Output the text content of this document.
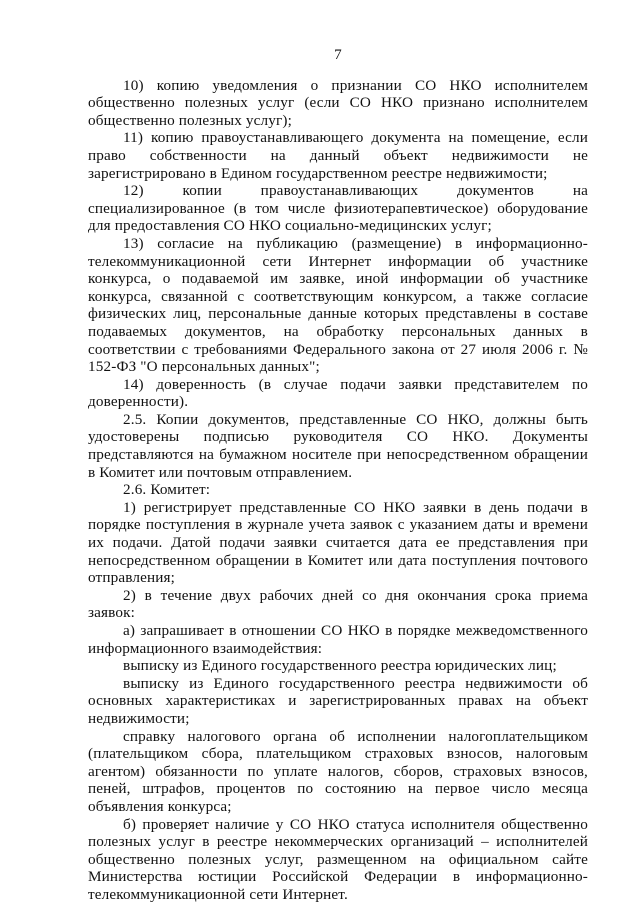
7

10) копию уведомления о признании СО НКО исполнителем общественно полезных услуг (если СО НКО признано исполнителем общественно полезных услуг);

11) копию правоустанавливающего документа на помещение, если право собственности на данный объект недвижимости не зарегистрировано в Едином государственном реестре недвижимости;

12) копии правоустанавливающих документов на специализированное (в том числе физиотерапевтическое) оборудование для предоставления СО НКО социально-медицинских услуг;

13) согласие на публикацию (размещение) в информационно-телекоммуникационной сети Интернет информации об участнике конкурса, о подаваемой им заявке, иной информации об участнике конкурса, связанной с соответствующим конкурсом, а также согласие физических лиц, персональные данные которых представлены в составе подаваемых документов, на обработку персональных данных в соответствии с требованиями Федерального закона от 27 июля 2006 г. № 152-ФЗ "О персональных данных";

14) доверенность (в случае подачи заявки представителем по доверенности).

2.5. Копии документов, представленные СО НКО, должны быть удостоверены подписью руководителя СО НКО. Документы представляются на бумажном носителе при непосредственном обращении в Комитет или почтовым отправлением.

2.6. Комитет:

1) регистрирует представленные СО НКО заявки в день подачи в порядке поступления в журнале учета заявок с указанием даты и времени их подачи. Датой подачи заявки считается дата ее представления при непосредственном обращении в Комитет или дата поступления почтового отправления;

2) в течение двух рабочих дней со дня окончания срока приема заявок:

а) запрашивает в отношении СО НКО в порядке межведомственного информационного взаимодействия:

выписку из Единого государственного реестра юридических лиц;

выписку из Единого государственного реестра недвижимости об основных характеристиках и зарегистрированных правах на объект недвижимости;

справку налогового органа об исполнении налогоплательщиком (плательщиком сбора, плательщиком страховых взносов, налоговым агентом) обязанности по уплате налогов, сборов, страховых взносов, пеней, штрафов, процентов по состоянию на первое число месяца объявления конкурса;

б) проверяет наличие у СО НКО статуса исполнителя общественно полезных услуг в реестре некоммерческих организаций – исполнителей общественно полезных услуг, размещенном на официальном сайте Министерства юстиции Российской Федерации в информационно-телекоммуникационной сети Интернет.
